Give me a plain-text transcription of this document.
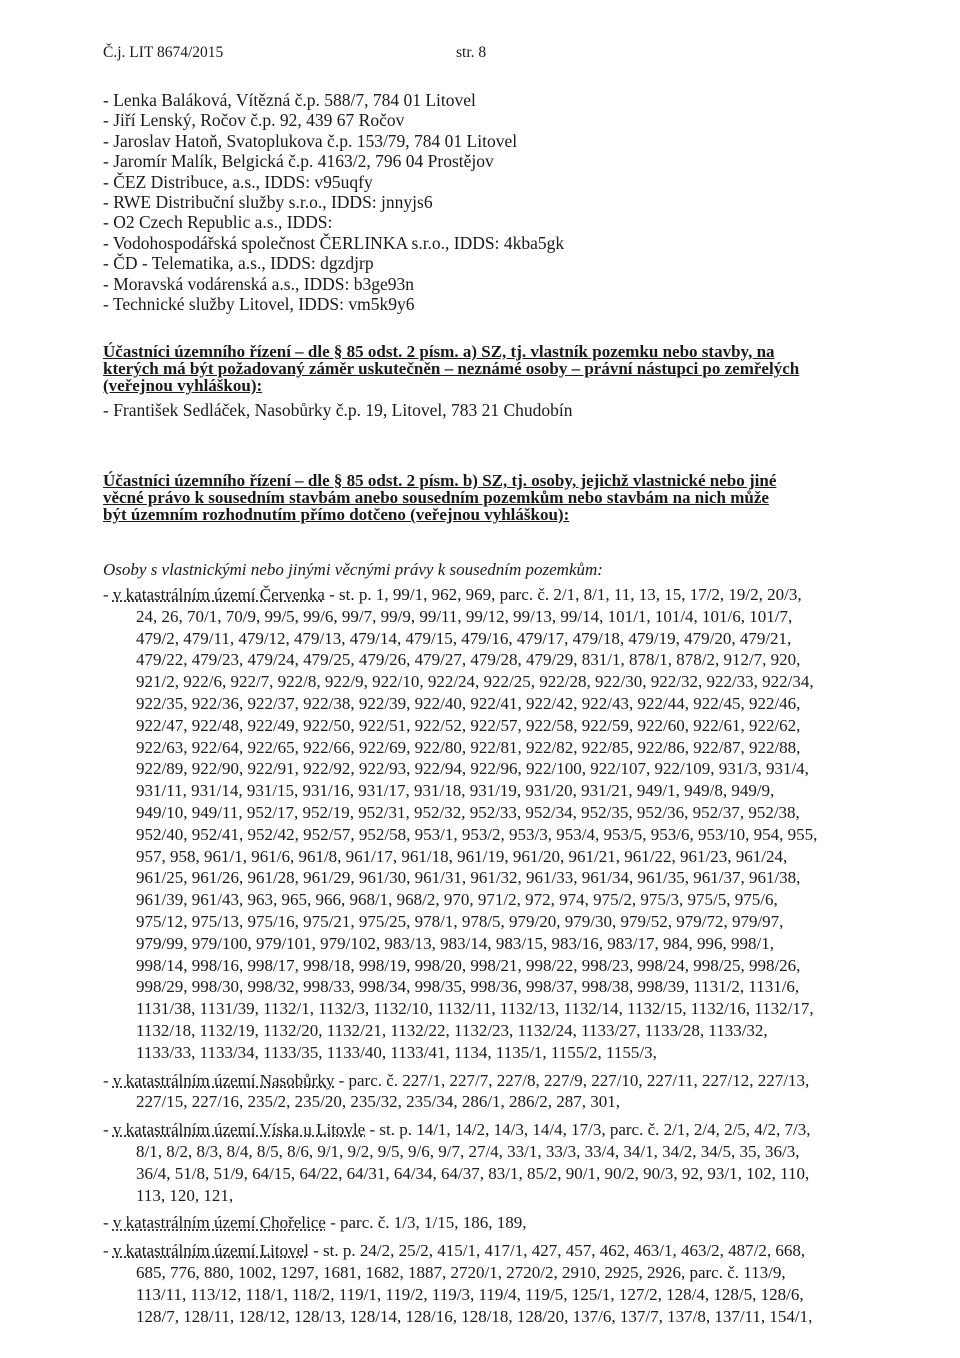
Č.j. LIT 8674/2015	str. 8
- Lenka Baláková, Vítězná č.p. 588/7, 784 01 Litovel
- Jiří Lenský, Ročov č.p. 92, 439 67 Ročov
- Jaroslav Hatoň, Svatoplukova č.p. 153/79, 784 01 Litovel
- Jaromír Malík, Belgická č.p. 4163/2, 796 04 Prostějov
- ČEZ Distribuce, a.s., IDDS: v95uqfy
- RWE Distribuční služby s.r.o., IDDS: jnnyjs6
- O2 Czech Republic a.s., IDDS:
- Vodohospodářská společnost ČERLINKA s.r.o., IDDS: 4kba5gk
- ČD - Telematika, a.s., IDDS: dgzdjrp
- Moravská vodárenská a.s., IDDS: b3ge93n
- Technické služby Litovel, IDDS: vm5k9y6
Účastníci územního řízení – dle § 85 odst. 2 písm. a) SZ, tj. vlastník pozemku nebo stavby, na
kterých má být požadovaný záměr uskutečněn – neznámé osoby – právní nástupci po zemřelých
(veřejnou vyhláškou):
- František Sedláček, Nasobůrky č.p. 19, Litovel, 783 21 Chudobín
Účastníci územního řízení – dle § 85 odst. 2 písm. b) SZ, tj. osoby, jejichž vlastnické nebo jiné
věcné právo k sousedním stavbám anebo sousedním pozemkům nebo stavbám na nich může
být územním rozhodnutím přímo dotčeno (veřejnou vyhláškou):
Osoby s vlastnickými nebo jinými věcnými právy k sousedním pozemkům:
- v katastrálním území Červenka - st. p. 1, 99/1, 962, 969, parc. č. 2/1, 8/1, 11, 13, 15, 17/2, 19/2, 20/3,
24, 26, 70/1, 70/9, 99/5, 99/6, 99/7, 99/9, 99/11, 99/12, 99/13, 99/14, 101/1, 101/4, 101/6, 101/7,
479/2, 479/11, 479/12, 479/13, 479/14, 479/15, 479/16, 479/17, 479/18, 479/19, 479/20, 479/21,
479/22, 479/23, 479/24, 479/25, 479/26, 479/27, 479/28, 479/29, 831/1, 878/1, 878/2, 912/7, 920,
921/2, 922/6, 922/7, 922/8, 922/9, 922/10, 922/24, 922/25, 922/28, 922/30, 922/32, 922/33, 922/34,
922/35, 922/36, 922/37, 922/38, 922/39, 922/40, 922/41, 922/42, 922/43, 922/44, 922/45, 922/46,
922/47, 922/48, 922/49, 922/50, 922/51, 922/52, 922/57, 922/58, 922/59, 922/60, 922/61, 922/62,
922/63, 922/64, 922/65, 922/66, 922/69, 922/80, 922/81, 922/82, 922/85, 922/86, 922/87, 922/88,
922/89, 922/90, 922/91, 922/92, 922/93, 922/94, 922/96, 922/100, 922/107, 922/109, 931/3, 931/4,
931/11, 931/14, 931/15, 931/16, 931/17, 931/18, 931/19, 931/20, 931/21, 949/1, 949/8, 949/9,
949/10, 949/11, 952/17, 952/19, 952/31, 952/32, 952/33, 952/34, 952/35, 952/36, 952/37, 952/38,
952/40, 952/41, 952/42, 952/57, 952/58, 953/1, 953/2, 953/3, 953/4, 953/5, 953/6, 953/10, 954, 955,
957, 958, 961/1, 961/6, 961/8, 961/17, 961/18, 961/19, 961/20, 961/21, 961/22, 961/23, 961/24,
961/25, 961/26, 961/28, 961/29, 961/30, 961/31, 961/32, 961/33, 961/34, 961/35, 961/37, 961/38,
961/39, 961/43, 963, 965, 966, 968/1, 968/2, 970, 971/2, 972, 974, 975/2, 975/3, 975/5, 975/6,
975/12, 975/13, 975/16, 975/21, 975/25, 978/1, 978/5, 979/20, 979/30, 979/52, 979/72, 979/97,
979/99, 979/100, 979/101, 979/102, 983/13, 983/14, 983/15, 983/16, 983/17, 984, 996, 998/1,
998/14, 998/16, 998/17, 998/18, 998/19, 998/20, 998/21, 998/22, 998/23, 998/24, 998/25, 998/26,
998/29, 998/30, 998/32, 998/33, 998/34, 998/35, 998/36, 998/37, 998/38, 998/39, 1131/2, 1131/6,
1131/38, 1131/39, 1132/1, 1132/3, 1132/10, 1132/11, 1132/13, 1132/14, 1132/15, 1132/16, 1132/17,
1132/18, 1132/19, 1132/20, 1132/21, 1132/22, 1132/23, 1132/24, 1133/27, 1133/28, 1133/32,
1133/33, 1133/34, 1133/35, 1133/40, 1133/41, 1134, 1135/1, 1155/2, 1155/3,
- v katastrálním území Nasobůrky - parc. č. 227/1, 227/7, 227/8, 227/9, 227/10, 227/11, 227/12, 227/13,
227/15, 227/16, 235/2, 235/20, 235/32, 235/34, 286/1, 286/2, 287, 301,
- v katastrálním území Víska u Litovle - st. p. 14/1, 14/2, 14/3, 14/4, 17/3, parc. č. 2/1, 2/4, 2/5, 4/2, 7/3,
8/1, 8/2, 8/3, 8/4, 8/5, 8/6, 9/1, 9/2, 9/5, 9/6, 9/7, 27/4, 33/1, 33/3, 33/4, 34/1, 34/2, 34/5, 35, 36/3,
36/4, 51/8, 51/9, 64/15, 64/22, 64/31, 64/34, 64/37, 83/1, 85/2, 90/1, 90/2, 90/3, 92, 93/1, 102, 110,
113, 120, 121,
- v katastrálním území Chořelice - parc. č. 1/3, 1/15, 186, 189,
- v katastrálním území Litovel - st. p. 24/2, 25/2, 415/1, 417/1, 427, 457, 462, 463/1, 463/2, 487/2, 668,
685, 776, 880, 1002, 1297, 1681, 1682, 1887, 2720/1, 2720/2, 2910, 2925, 2926, parc. č. 113/9,
113/11, 113/12, 118/1, 118/2, 119/1, 119/2, 119/3, 119/4, 119/5, 125/1, 127/2, 128/4, 128/5, 128/6,
128/7, 128/11, 128/12, 128/13, 128/14, 128/16, 128/18, 128/20, 137/6, 137/7, 137/8, 137/11, 154/1,
